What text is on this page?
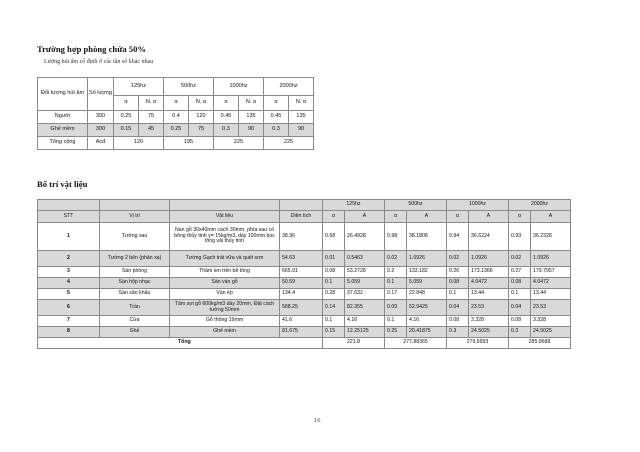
Trường hợp phòng chứa 50%
Lượng hút âm cổ định ở các tần số khác nhau
Đối tượng hút âm	Số lượng	125hz		500hz		1000hz		2000hz	
		α	N. α	α	N. α	α	N. α	α	N. α
Người	300	0.25	75	0.4	120	0.45	135	0.45	135
Ghế mềm	300	0.15	45	0.25	75	0.3	90	0.3	90
Tổng cộng	Acđ	120		195		225		225	
Bố trí vật liệu
				125hz		500hz		1000hz		2000hz	
STT	Vị trí	Vật liệu	Diện tích	α	A	α	A	α	A	α	A
1	Tường sau	Nan gỗ 30x40mm cách 30mm, phía sau có bông thủy tinh γ= 15kg/m3, dày 100mm bọc tông vải thủy tinh	38.96	0.68	26.4928	0.98	38.1808	0.94	36.6224	0.93	36.2328
2	Tường 2 bên (phản xạ)	Tường Gạch trát vữa và quét sơn	54.63	0.01	0.5463	0.02	1.0926	0.02	1.0926	0.02	1.0926
3	Sàn phòng	Thảm len trên bê tông	665.91	0.08	53.2728	0.2	133.182	0.26	173.1366	0.27	179.7957
4	Sàn hộp nhạc	Sàn ván gỗ	50.59	0.1	5.059	0.1	5.059	0.08	4.0472	0.08	4.0472
5	Sàn sân khấu	Ván ép	134.4	0.28	37.632	0.17	22.848	0.1	13.44	0.1	13.44
6	Trần	Tấm sợi gỗ 600kg/m3 dày 20mm, Đặt cách tường 50mm	588.25	0.14	82.355	0.09	52.9425	0.04	23.53	0.04	23.53
7	Cửa	Gỗ thông 19mm	41.6	0.1	4.16	0.1	4.16	0.08	3.328	0.08	3.328
8	Ghế	Ghế mềm	81.675	0.15	12.25125	0.25	20.41875	0.3	24.5025	0.3	24.5025
Tổng				221.8		277.88365		279.6993		285.9688	
16
